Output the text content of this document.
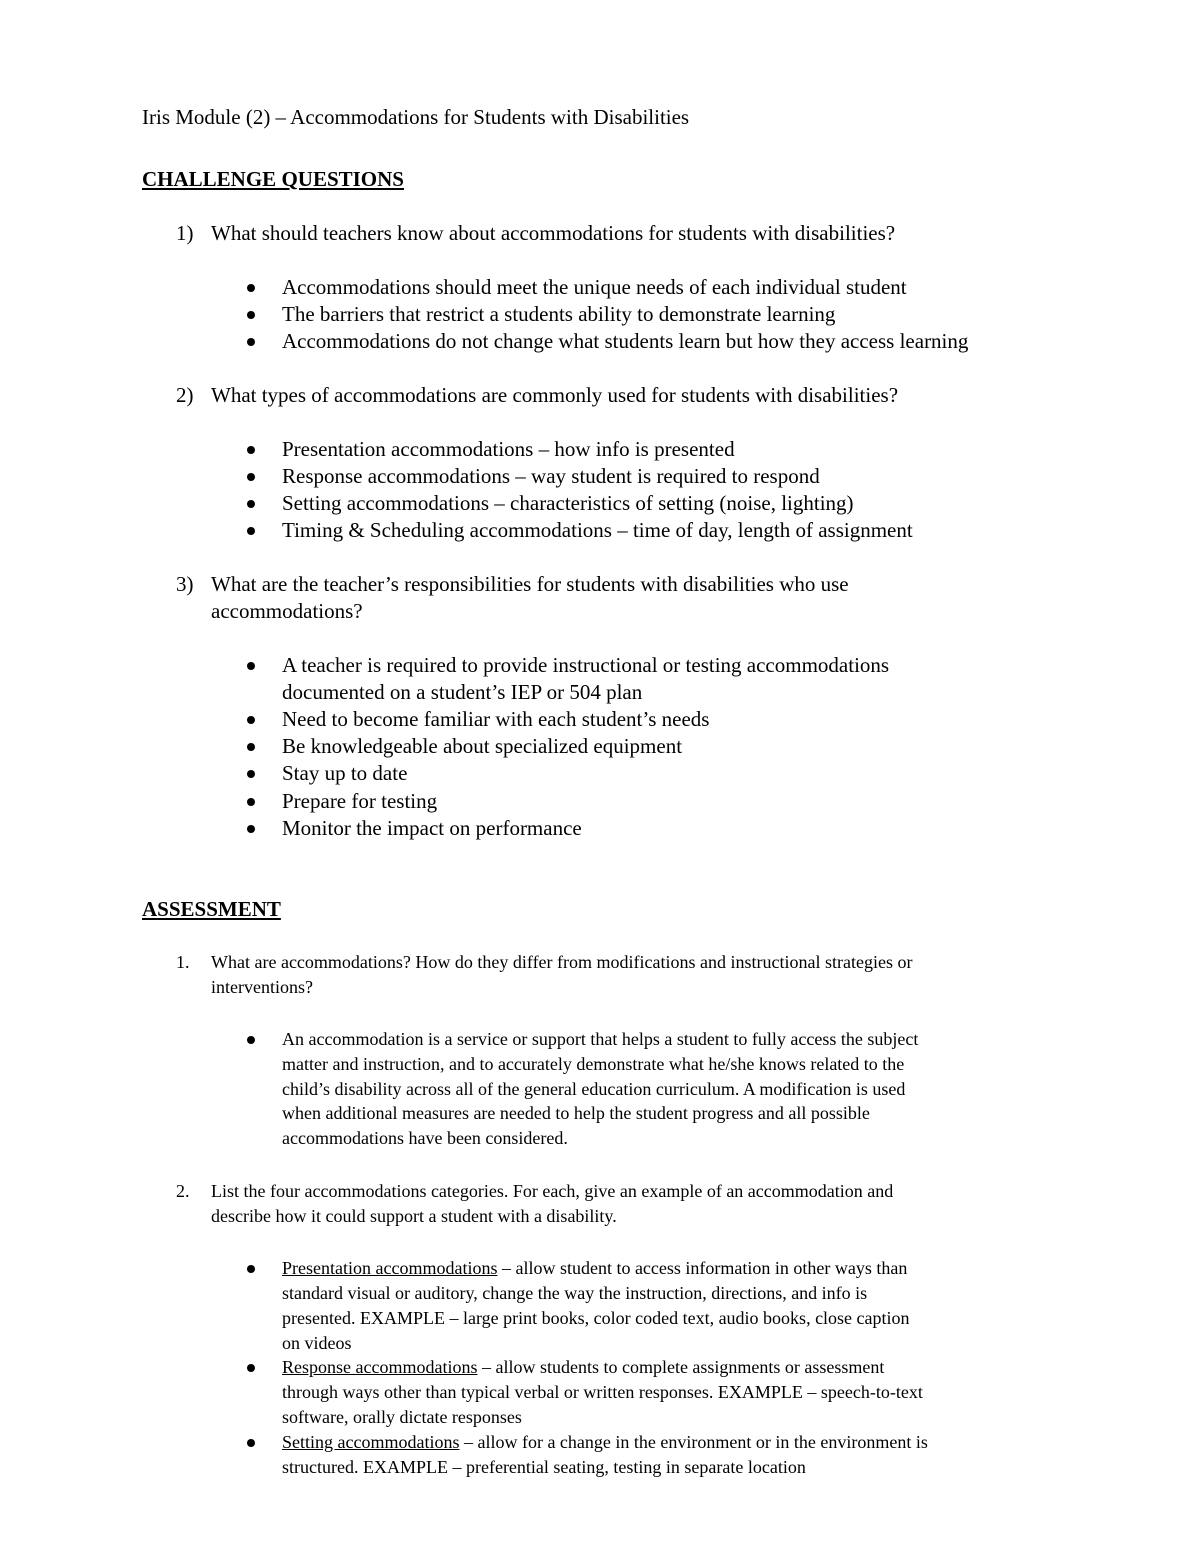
Iris Module (2) – Accommodations for Students with Disabilities
CHALLENGE QUESTIONS
1) What should teachers know about accommodations for students with disabilities?
Accommodations should meet the unique needs of each individual student
The barriers that restrict a students ability to demonstrate learning
Accommodations do not change what students learn but how they access learning
2) What types of accommodations are commonly used for students with disabilities?
Presentation accommodations – how info is presented
Response accommodations – way student is required to respond
Setting accommodations – characteristics of setting (noise, lighting)
Timing & Scheduling accommodations – time of day, length of assignment
3) What are the teacher’s responsibilities for students with disabilities who use
accommodations?
A teacher is required to provide instructional or testing accommodations
documented on a student’s IEP or 504 plan
Need to become familiar with each student’s needs
Be knowledgeable about specialized equipment
Stay up to date
Prepare for testing
Monitor the impact on performance
ASSESSMENT
1. What are accommodations? How do they differ from modifications and instructional strategies or
interventions?
An accommodation is a service or support that helps a student to fully access the subject
matter and instruction, and to accurately demonstrate what he/she knows related to the
child’s disability across all of the general education curriculum. A modification is used
when additional measures are needed to help the student progress and all possible
accommodations have been considered.
2. List the four accommodations categories. For each, give an example of an accommodation and
describe how it could support a student with a disability.
Presentation accommodations – allow student to access information in other ways than
standard visual or auditory, change the way the instruction, directions, and info is
presented. EXAMPLE – large print books, color coded text, audio books, close caption
on videos
Response accommodations – allow students to complete assignments or assessment
through ways other than typical verbal or written responses. EXAMPLE – speech-to-text
software, orally dictate responses
Setting accommodations – allow for a change in the environment or in the environment is
structured. EXAMPLE – preferential seating, testing in separate location
